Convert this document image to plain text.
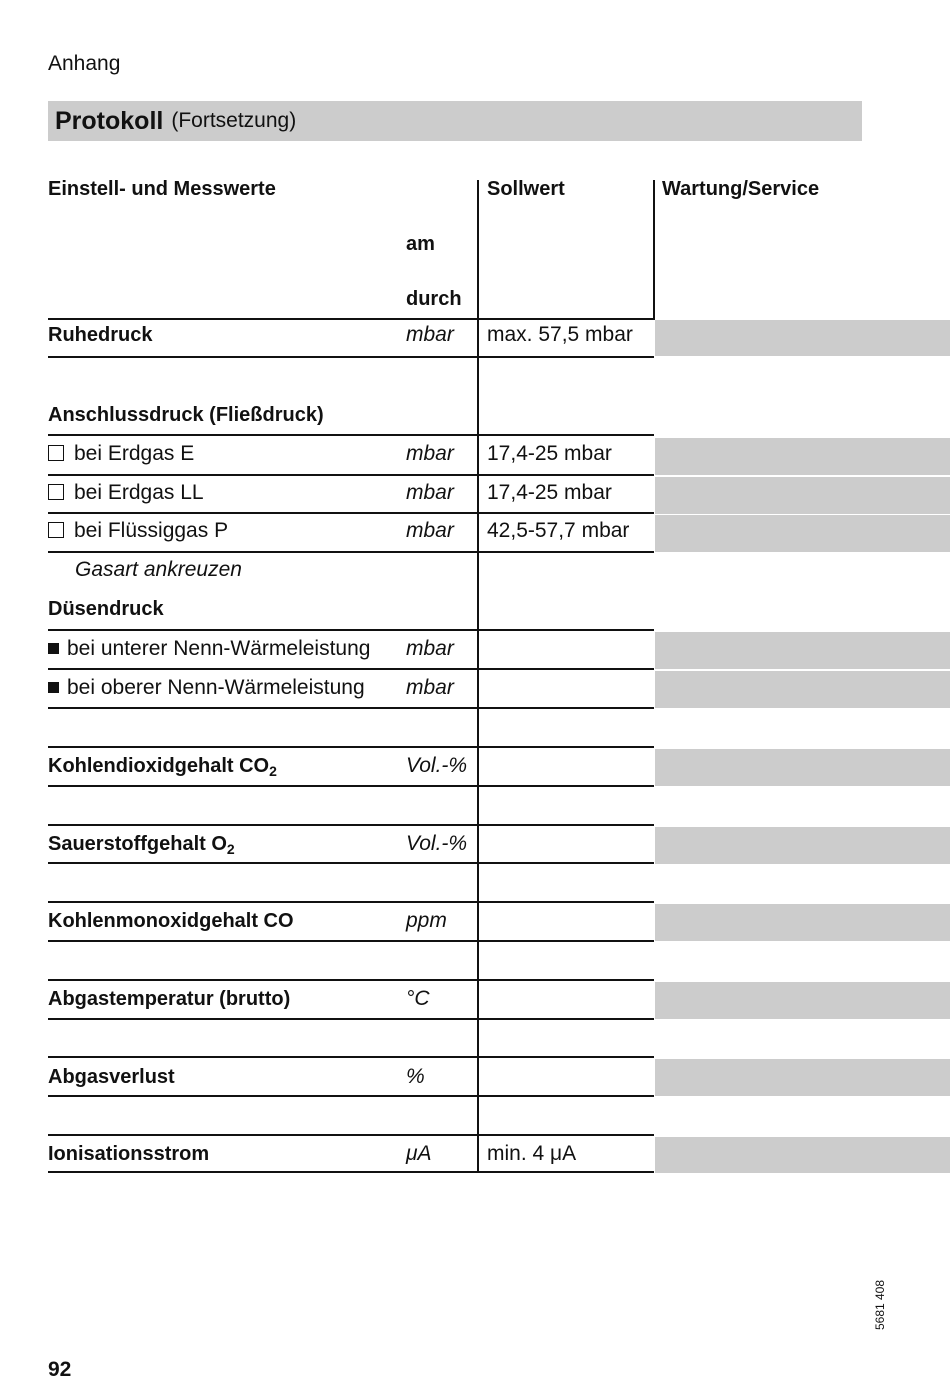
Anhang
Protokoll (Fortsetzung)
Einstell- und Messwerte	Sollwert	Wartung/Service
am
durch
Ruhedruck	mbar max. 57,5 mbar
Anschlussdruck (Fließdruck)
bei Erdgas E	mbar 17,4-25 mbar
bei Erdgas LL	mbar 17,4-25 mbar
bei Flüssiggas P	mbar 42,5-57,7 mbar
Gasart ankreuzen
Düsendruck
bei unterer Nenn-Wärmeleistung mbar
bei oberer Nenn-Wärmeleistung mbar
Kohlendioxidgehalt $CO_2$	Vol.-%
Sauerstoffgehalt $O_2$	Vol.-%
Kohlenmonoxidgehalt CO	ppm
Abgastemperatur (brutto)	°C
Abgasverlust	%
Ionisationsstrom	μA	min. 4 μA
5681 408
92
